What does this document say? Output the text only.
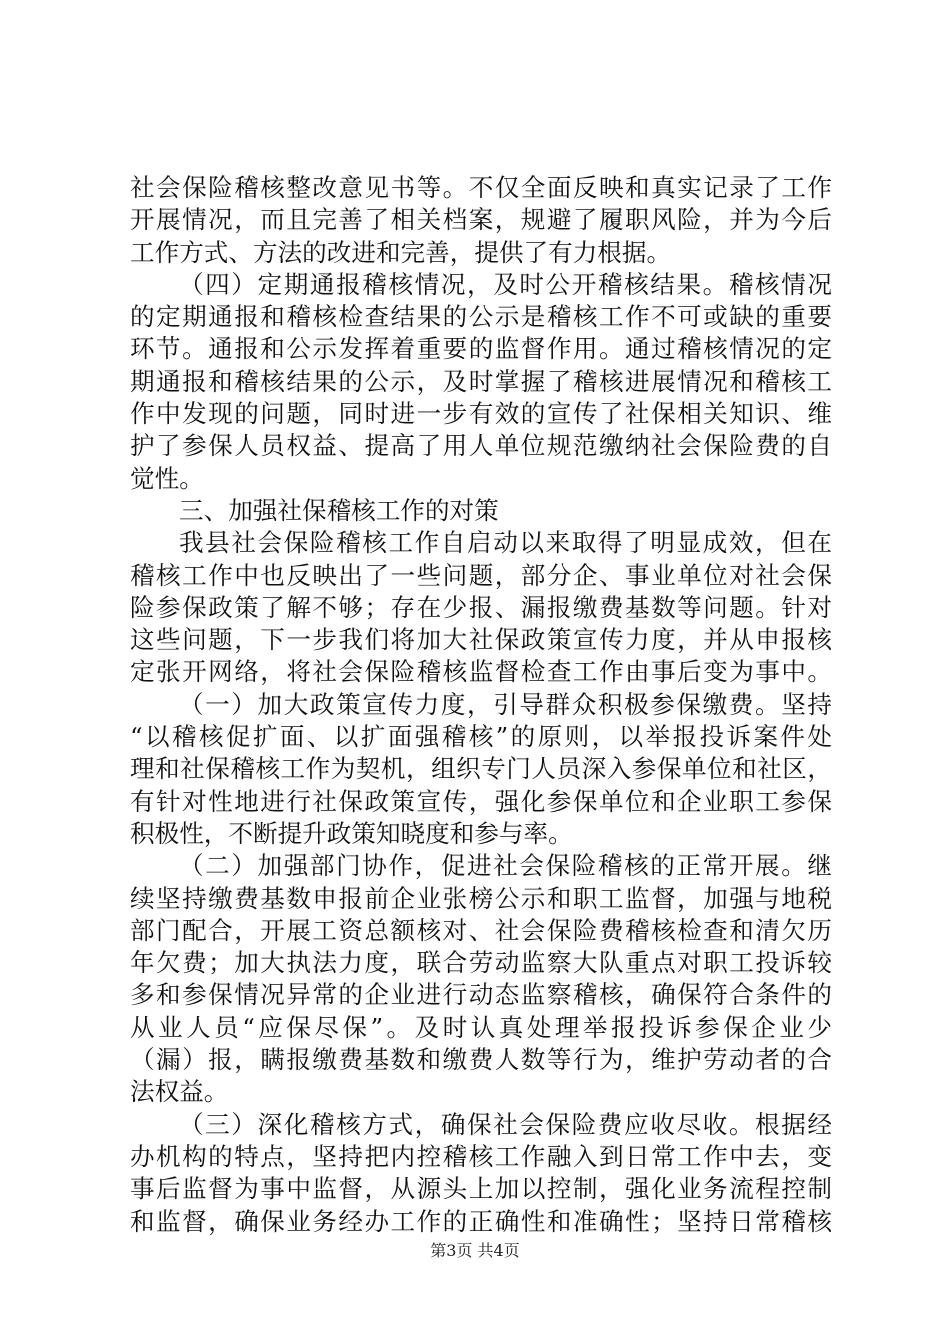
社会保险稽核整改意见书等。不仅全面反映和真实记录了工作
开展情况，而且完善了相关档案，规避了履职风险，并为今后
工作方式、方法的改进和完善，提供了有力根据。
（四）定期通报稽核情况，及时公开稽核结果。稽核情况
的定期通报和稽核检查结果的公示是稽核工作不可或缺的重要
环节。通报和公示发挥着重要的监督作用。通过稽核情况的定
期通报和稽核结果的公示，及时掌握了稽核进展情况和稽核工
作中发现的问题，同时进一步有效的宣传了社保相关知识、维
护了参保人员权益、提高了用人单位规范缴纳社会保险费的自
觉性。
三、加强社保稽核工作的对策
我县社会保险稽核工作自启动以来取得了明显成效，但在
稽核工作中也反映出了一些问题，部分企、事业单位对社会保
险参保政策了解不够；存在少报、漏报缴费基数等问题。针对
这些问题，下一步我们将加大社保政策宣传力度，并从申报核
定张开网络，将社会保险稽核监督检查工作由事后变为事中。
（一）加大政策宣传力度，引导群众积极参保缴费。坚持
“以稽核促扩面、以扩面强稽核”的原则，以举报投诉案件处
理和社保稽核工作为契机，组织专门人员深入参保单位和社区，
有针对性地进行社保政策宣传，强化参保单位和企业职工参保
积极性，不断提升政策知晓度和参与率。
（二）加强部门协作，促进社会保险稽核的正常开展。继
续坚持缴费基数申报前企业张榜公示和职工监督，加强与地税
部门配合，开展工资总额核对、社会保险费稽核检查和清欠历
年欠费；加大执法力度，联合劳动监察大队重点对职工投诉较
多和参保情况异常的企业进行动态监察稽核，确保符合条件的
从业人员“应保尽保”。及时认真处理举报投诉参保企业少
（漏）报，瞒报缴费基数和缴费人数等行为，维护劳动者的合
法权益。
（三）深化稽核方式，确保社会保险费应收尽收。根据经
办机构的特点，坚持把内控稽核工作融入到日常工作中去，变
事后监督为事中监督，从源头上加以控制，强化业务流程控制
和监督，确保业务经办工作的正确性和准确性；坚持日常稽核
第3页 共4页
